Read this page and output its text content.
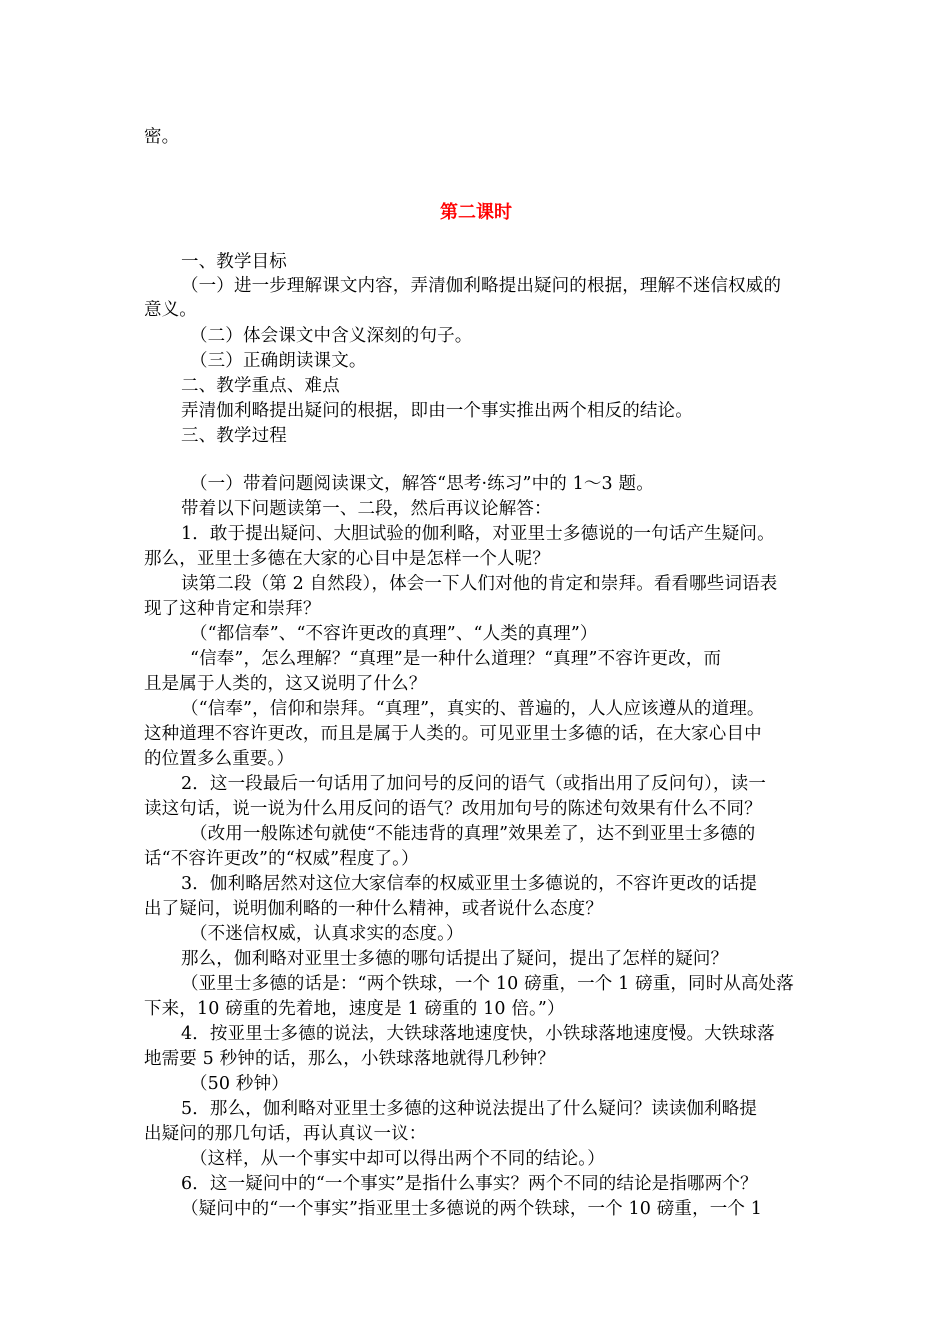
第二课时
密。
一、教学目标
（一）进一步理解课文内容，弄清伽利略提出疑问的根据，理解不迷信权威的
意义。
（二）体会课文中含义深刻的句子。
（三）正确朗读课文。
二、教学重点、难点
弄清伽利略提出疑问的根据，即由一个事实推出两个相反的结论。
三、教学过程
（一）带着问题阅读课文，解答“思考·练习”中的 1～3 题。
带着以下问题读第一、二段，然后再议论解答：
1．敢于提出疑问、大胆试验的伽利略，对亚里士多德说的一句话产生疑问。
那么，亚里士多德在大家的心目中是怎样一个人呢？
读第二段（第 2 自然段），体会一下人们对他的肯定和崇拜。看看哪些词语表
现了这种肯定和崇拜？
（“都信奉”、“不容许更改的真理”、“人类的真理”）
“信奉”，怎么理解？“真理”是一种什么道理？“真理”不容许更改，而
且是属于人类的，这又说明了什么？
（“信奉”，信仰和崇拜。“真理”，真实的、普遍的，人人应该遵从的道理。
这种道理不容许更改，而且是属于人类的。可见亚里士多德的话，在大家心目中
的位置多么重要。）
2．这一段最后一句话用了加问号的反问的语气（或指出用了反问句），读一
读这句话，说一说为什么用反问的语气？改用加句号的陈述句效果有什么不同？
（改用一般陈述句就使“不能违背的真理”效果差了，达不到亚里士多德的
话“不容许更改”的“权威”程度了。）
3．伽利略居然对这位大家信奉的权威亚里士多德说的，不容许更改的话提
出了疑问，说明伽利略的一种什么精神，或者说什么态度？
（不迷信权威，认真求实的态度。）
那么，伽利略对亚里士多德的哪句话提出了疑问，提出了怎样的疑问？
（亚里士多德的话是：“两个铁球，一个 10 磅重，一个 1 磅重，同时从高处落
下来，10 磅重的先着地，速度是 1 磅重的 10 倍。”）
4．按亚里士多德的说法，大铁球落地速度快，小铁球落地速度慢。大铁球落
地需要 5 秒钟的话，那么，小铁球落地就得几秒钟？
（50 秒钟）
5．那么，伽利略对亚里士多德的这种说法提出了什么疑问？读读伽利略提
出疑问的那几句话，再认真议一议：
（这样，从一个事实中却可以得出两个不同的结论。）
6．这一疑问中的“一个事实”是指什么事实？两个不同的结论是指哪两个？
（疑问中的“一个事实”指亚里士多德说的两个铁球，一个 10 磅重，一个 1
